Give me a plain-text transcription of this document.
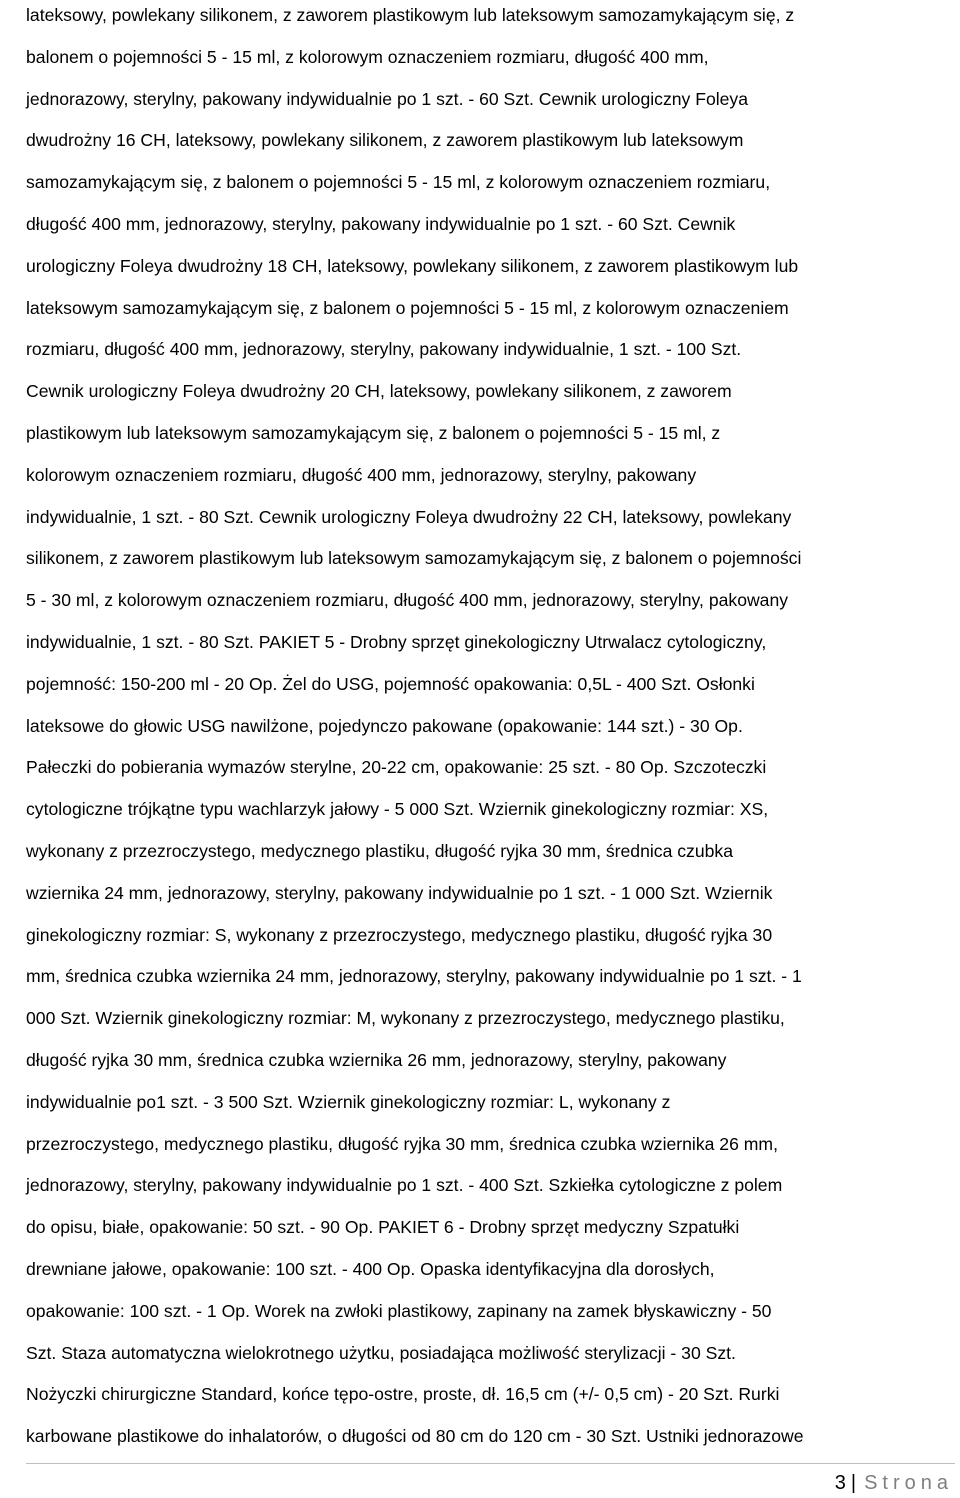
lateksowy, powlekany silikonem, z zaworem plastikowym lub lateksowym samozamykającym się, z
balonem o pojemności 5 - 15 ml, z kolorowym oznaczeniem rozmiaru, długość 400 mm,
jednorazowy, sterylny, pakowany indywidualnie po 1 szt. - 60 Szt. Cewnik urologiczny Foleya
dwudrożny 16 CH, lateksowy, powlekany silikonem, z zaworem plastikowym lub lateksowym
samozamykającym się, z balonem o pojemności 5 - 15 ml, z kolorowym oznaczeniem rozmiaru,
długość 400 mm, jednorazowy, sterylny, pakowany indywidualnie po 1 szt. - 60 Szt. Cewnik
urologiczny Foleya dwudrożny 18 CH, lateksowy, powlekany silikonem, z zaworem plastikowym lub
lateksowym samozamykającym się, z balonem o pojemności 5 - 15 ml, z kolorowym oznaczeniem
rozmiaru, długość 400 mm, jednorazowy, sterylny, pakowany indywidualnie, 1 szt. - 100 Szt.
Cewnik urologiczny Foleya dwudrożny 20 CH, lateksowy, powlekany silikonem, z zaworem
plastikowym lub lateksowym samozamykającym się, z balonem o pojemności 5 - 15 ml, z
kolorowym oznaczeniem rozmiaru, długość 400 mm, jednorazowy, sterylny, pakowany
indywidualnie, 1 szt. - 80 Szt. Cewnik urologiczny Foleya dwudrożny 22 CH, lateksowy, powlekany
silikonem, z zaworem plastikowym lub lateksowym samozamykającym się, z balonem o pojemności
5 - 30 ml, z kolorowym oznaczeniem rozmiaru, długość 400 mm, jednorazowy, sterylny, pakowany
indywidualnie, 1 szt. - 80 Szt. PAKIET 5 - Drobny sprzęt ginekologiczny Utrwalacz cytologiczny,
pojemność: 150-200 ml - 20 Op. Żel do USG, pojemność opakowania: 0,5L - 400 Szt. Osłonki
lateksowe do głowic USG nawilżone, pojedynczo pakowane (opakowanie: 144 szt.) - 30 Op.
Pałeczki do pobierania wymazów sterylne, 20-22 cm, opakowanie: 25 szt. - 80 Op. Szczoteczki
cytologiczne trójkątne typu wachlarzyk jałowy - 5 000 Szt. Wziernik ginekologiczny rozmiar: XS,
wykonany z przezroczystego, medycznego plastiku, długość ryjka 30 mm, średnica czubka
wziernika 24 mm, jednorazowy, sterylny, pakowany indywidualnie po 1 szt. - 1 000 Szt. Wziernik
ginekologiczny rozmiar: S, wykonany z przezroczystego, medycznego plastiku, długość ryjka 30
mm, średnica czubka wziernika 24 mm, jednorazowy, sterylny, pakowany indywidualnie po 1 szt. - 1
000 Szt. Wziernik ginekologiczny rozmiar: M, wykonany z przezroczystego, medycznego plastiku,
długość ryjka 30 mm, średnica czubka wziernika 26 mm, jednorazowy, sterylny, pakowany
indywidualnie po1 szt. - 3 500 Szt. Wziernik ginekologiczny rozmiar: L, wykonany z
przezroczystego, medycznego plastiku, długość ryjka 30 mm, średnica czubka wziernika 26 mm,
jednorazowy, sterylny, pakowany indywidualnie po 1 szt. - 400 Szt. Szkiełka cytologiczne z polem
do opisu, białe, opakowanie: 50 szt. - 90 Op. PAKIET 6 - Drobny sprzęt medyczny Szpatułki
drewniane jałowe, opakowanie: 100 szt. - 400 Op. Opaska identyfikacyjna dla dorosłych,
opakowanie: 100 szt. - 1 Op. Worek na zwłoki plastikowy, zapinany na zamek błyskawiczny - 50
Szt. Staza automatyczna wielokrotnego użytku, posiadająca możliwość sterylizacji - 30 Szt.
Nożyczki chirurgiczne Standard, końce tępo-ostre, proste, dł. 16,5 cm (+/- 0,5 cm) - 20 Szt. Rurki
karbowane plastikowe do inhalatorów, o długości od 80 cm do 120 cm - 30 Szt. Ustniki jednorazowe
3 | Strona
